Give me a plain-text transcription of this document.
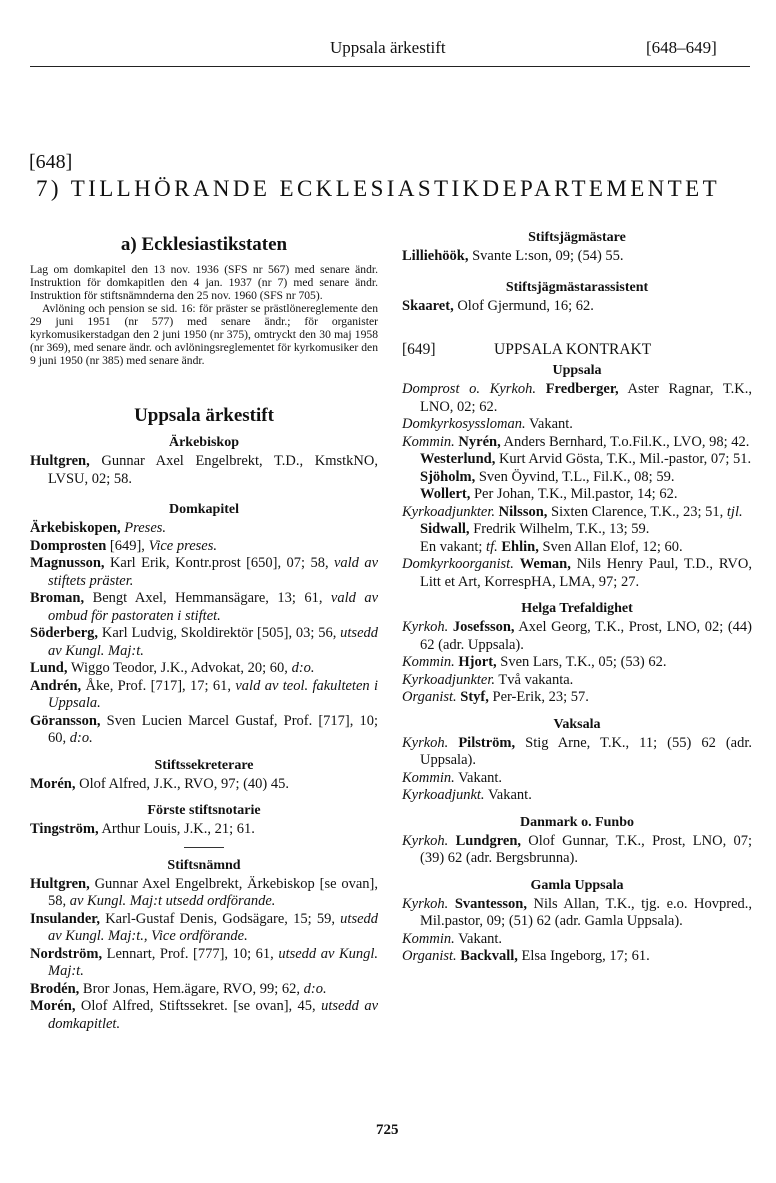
Uppsala ärkestift	[648–649]
[648]
7) TILLHÖRANDE ECKLESIASTIKDEPARTEMENTET
a) Ecklesiastikstaten

Lag om domkapitel den 13 nov. 1936 (SFS nr 567) med senare ändr. Instruktion för domkapitlen den 4 jan. 1937 (nr 7) med senare ändr. Instruktion för stiftsnämnderna den 25 nov. 1960 (SFS nr 705).

Avlöning och pension se sid. 16: för präster se prästlönereglemente den 29 juni 1951 (nr 577) med senare ändr.; för organister kyrkomusikerstadgan den 2 juni 1950 (nr 375), omtryckt den 30 maj 1958 (nr 369), med senare ändr. och avlöningsreglementet för kyrkomusiker den 9 juni 1950 (nr 385) med senare ändr.

Uppsala ärkestift
Ärkebiskop

Hultgren, Gunnar Axel Engelbrekt, T.D., KmstkNO, LVSU, 02; 58.

Domkapitel

Ärkebiskopen, Preses.

Domprosten [649], Vice preses.

Magnusson, Karl Erik, Kontr.prost [650], 07; 58, vald av stiftets präster.

Broman, Bengt Axel, Hemmansägare, 13; 61, vald av ombud för pastoraten i stiftet.

Söderberg, Karl Ludvig, Skoldirektör [505], 03; 56, utsedd av Kungl. Maj:t.

Lund, Wiggo Teodor, J.K., Advokat, 20; 60, d:o.

Andrén, Åke, Prof. [717], 17; 61, vald av teol. fakulteten i Uppsala.

Göransson, Sven Lucien Marcel Gustaf, Prof. [717], 10; 60, d:o.

Stiftssekreterare

Morén, Olof Alfred, J.K., RVO, 97; (40) 45.

Förste stiftsnotarie

Tingström, Arthur Louis, J.K., 21; 61.

Stiftsnämnd

Hultgren, Gunnar Axel Engelbrekt, Ärkebiskop [se ovan], 58, av Kungl. Maj:t utsedd ordförande.

Insulander, Karl-Gustaf Denis, Godsägare, 15; 59, utsedd av Kungl. Maj:t., Vice ordförande.

Nordström, Lennart, Prof. [777], 10; 61, utsedd av Kungl. Maj:t.

Brodén, Bror Jonas, Hem.ägare, RVO, 99; 62, d:o.

Morén, Olof Alfred, Stiftssekret. [se ovan], 45, utsedd av domkapitlet.

Stiftsjägmästare

Lilliehöök, Svante L:son, 09; (54) 55.

Stiftsjägmästarassistent

Skaaret, Olof Gjermund, 16; 62.

[649]	UPPSALA KONTRAKT
Uppsala

Domprost o. Kyrkoh. Fredberger, Aster Ragnar, T.K., LNO, 02; 62.

Domkyrkosyssloman. Vakant.

Kommin. Nyrén, Anders Bernhard, T.o.Fil.K., LVO, 98; 42.

Westerlund, Kurt Arvid Gösta, T.K., Mil.-pastor, 07; 51.

Sjöholm, Sven Öyvind, T.L., Fil.K., 08; 59.

Wollert, Per Johan, T.K., Mil.pastor, 14; 62.

Kyrkoadjunkter. Nilsson, Sixten Clarence, T.K., 23; 51, tjl.

Sidwall, Fredrik Wilhelm, T.K., 13; 59.

En vakant; tf. Ehlin, Sven Allan Elof, 12; 60.

Domkyrkoorganist. Weman, Nils Henry Paul, T.D., RVO, Litt et Art, KorrespHA, LMA, 97; 27.

Helga Trefaldighet

Kyrkoh. Josefsson, Axel Georg, T.K., Prost, LNO, 02; (44) 62 (adr. Uppsala).

Kommin. Hjort, Sven Lars, T.K., 05; (53) 62.

Kyrkoadjunkter. Två vakanta.

Organist. Styf, Per-Erik, 23; 57.

Vaksala

Kyrkoh. Pilström, Stig Arne, T.K., 11; (55) 62 (adr. Uppsala).

Kommin. Vakant.

Kyrkoadjunkt. Vakant.

Danmark o. Funbo

Kyrkoh. Lundgren, Olof Gunnar, T.K., Prost, LNO, 07; (39) 62 (adr. Bergsbrunna).

Gamla Uppsala

Kyrkoh. Svantesson, Nils Allan, T.K., tjg. e.o. Hovpred., Mil.pastor, 09; (51) 62 (adr. Gamla Uppsala).

Kommin. Vakant.

Organist. Backvall, Elsa Ingeborg, 17; 61.

725
